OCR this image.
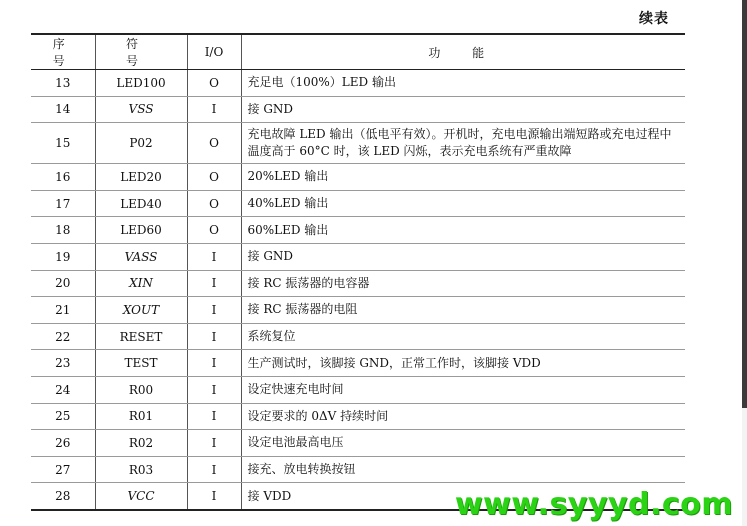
续表
序 号	符 号	I/O	功 能
13	LED100	O	充足电（100%）LED 输出
14	VSS	I	接 GND
15	P02	O	充电故障 LED 输出（低电平有效）。开机时，充电电源输出端短路或充电过程中温度高于 60°C 时，该 LED 闪烁，表示充电系统有严重故障
16	LED20	O	20%LED 输出
17	LED40	O	40%LED 输出
18	LED60	O	60%LED 输出
19	VASS	I	接 GND
20	XIN	I	接 RC 振荡器的电容器
21	XOUT	I	接 RC 振荡器的电阻
22	RESET	I	系统复位
23	TEST	I	生产测试时，该脚接 GND，正常工作时，该脚接 VDD
24	R00	I	设定快速充电时间
25	R01	I	设定要求的 0ΔV 持续时间
26	R02	I	设定电池最高电压
27	R03	I	接充、放电转换按钮
28	VCC	I	接 VDD	www.syyyd.com
